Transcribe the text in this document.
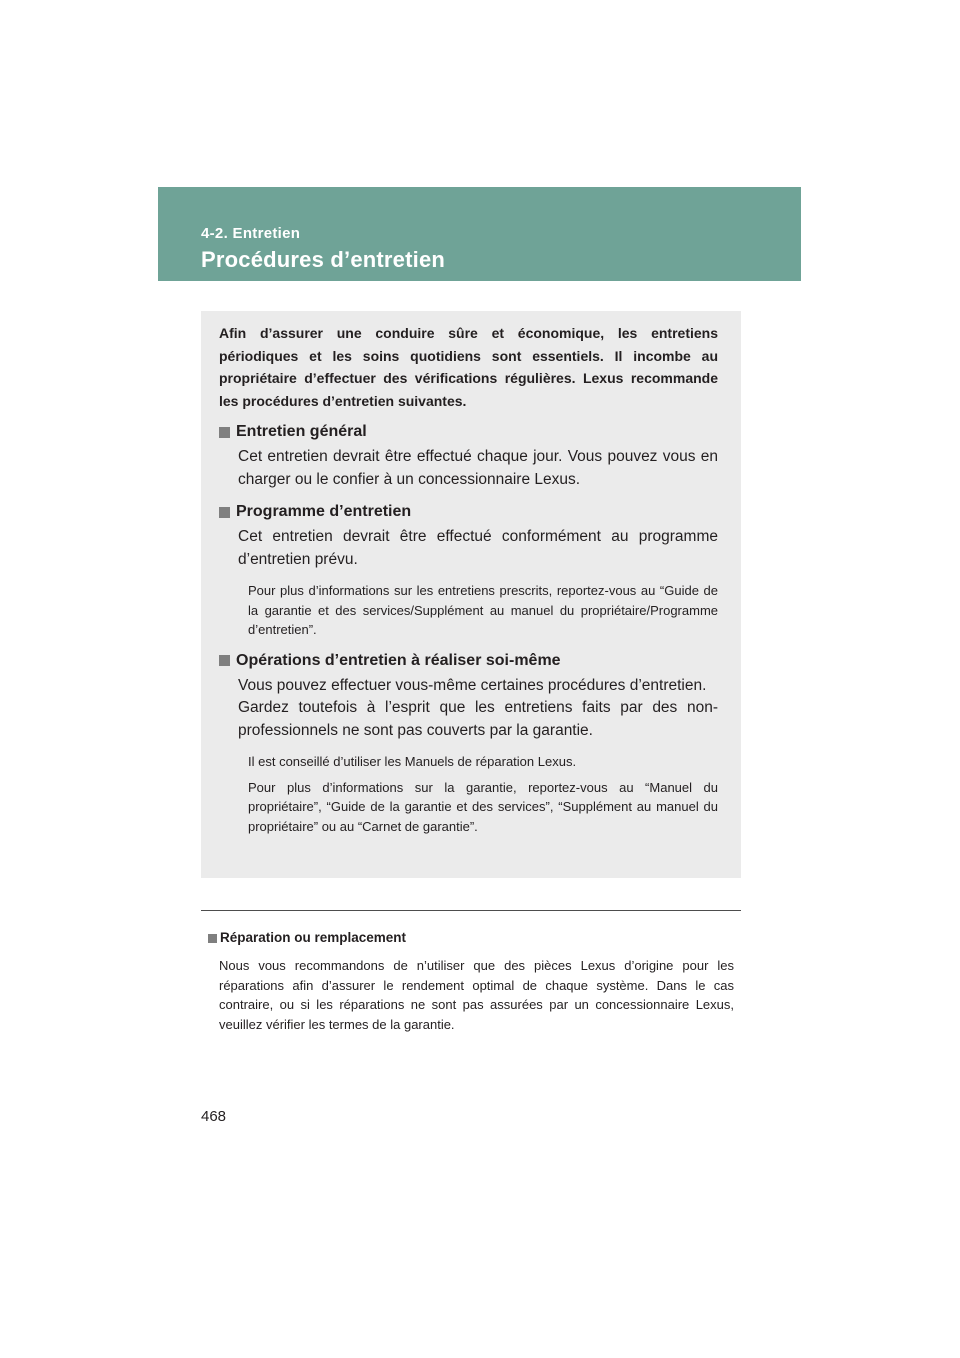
4-2. Entretien
Procédures d’entretien

Afin d’assurer une conduire sûre et économique, les entretiens périodiques et les soins quotidiens sont essentiels. Il incombe au propriétaire d’effectuer des vérifications régulières. Lexus recommande les procédures d’entretien suivantes.

Entretien général

Cet entretien devrait être effectué chaque jour. Vous pouvez vous en charger ou le confier à un concessionnaire Lexus.

Programme d’entretien

Cet entretien devrait être effectué conformément au programme d’entretien prévu.

Pour plus d’informations sur les entretiens prescrits, reportez-vous au “Guide de la garantie et des services/Supplément au manuel du propriétaire/Programme d’entretien”.

Opérations d’entretien à réaliser soi-même

Vous pouvez effectuer vous-même certaines procédures d’entretien.
Gardez toutefois à l’esprit que les entretiens faits par des non-professionnels ne sont pas couverts par la garantie.

Il est conseillé d’utiliser les Manuels de réparation Lexus.

Pour plus d’informations sur la garantie, reportez-vous au “Manuel du propriétaire”, “Guide de la garantie et des services”, “Supplément au manuel du propriétaire” ou au “Carnet de garantie”.

Réparation ou remplacement

Nous vous recommandons de n’utiliser que des pièces Lexus d’origine pour les réparations afin d’assurer le rendement optimal de chaque système. Dans le cas contraire, ou si les réparations ne sont pas assurées par un concessionnaire Lexus, veuillez vérifier les termes de la garantie.

468
